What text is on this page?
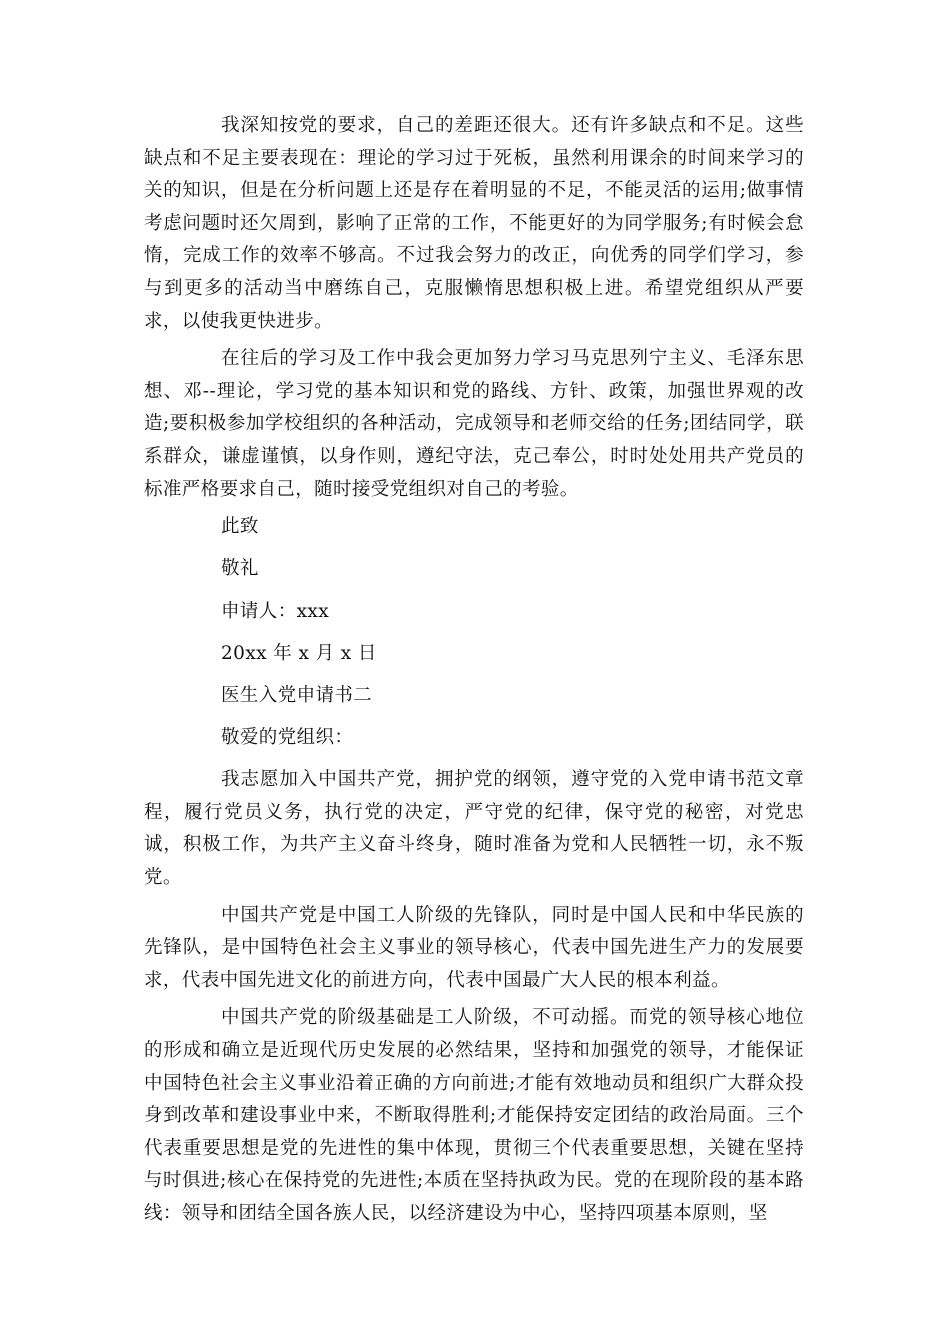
我深知按党的要求，自己的差距还很大。还有许多缺点和不足。这些缺点和不足主要表现在：理论的学习过于死板，虽然利用课余的时间来学习的关的知识，但是在分析问题上还是存在着明显的不足，不能灵活的运用;做事情考虑问题时还欠周到，影响了正常的工作，不能更好的为同学服务;有时候会怠惰，完成工作的效率不够高。不过我会努力的改正，向优秀的同学们学习，参与到更多的活动当中磨练自己，克服懒惰思想积极上进。希望党组织从严要求，以使我更快进步。

在往后的学习及工作中我会更加努力学习马克思列宁主义、毛泽东思想、邓--理论，学习党的基本知识和党的路线、方针、政策，加强世界观的改造;要积极参加学校组织的各种活动，完成领导和老师交给的任务;团结同学，联系群众，谦虚谨慎，以身作则，遵纪守法，克己奉公，时时处处用共产党员的标准严格要求自己，随时接受党组织对自己的考验。

此致

敬礼

申请人：xxx

20xx 年 x 月 x 日

医生入党申请书二

敬爱的党组织：

我志愿加入中国共产党，拥护党的纲领，遵守党的入党申请书范文章程，履行党员义务，执行党的决定，严守党的纪律，保守党的秘密，对党忠诚，积极工作，为共产主义奋斗终身，随时准备为党和人民牺牲一切，永不叛党。

中国共产党是中国工人阶级的先锋队，同时是中国人民和中华民族的先锋队，是中国特色社会主义事业的领导核心，代表中国先进生产力的发展要求，代表中国先进文化的前进方向，代表中国最广大人民的根本利益。

中国共产党的阶级基础是工人阶级，不可动摇。而党的领导核心地位的形成和确立是近现代历史发展的必然结果，坚持和加强党的领导，才能保证中国特色社会主义事业沿着正确的方向前进;才能有效地动员和组织广大群众投身到改革和建设事业中来，不断取得胜利;才能保持安定团结的政治局面。三个代表重要思想是党的先进性的集中体现，贯彻三个代表重要思想，关键在坚持与时俱进;核心在保持党的先进性;本质在坚持执政为民。党的在现阶段的基本路线：领导和团结全国各族人民，以经济建设为中心，坚持四项基本原则，坚
